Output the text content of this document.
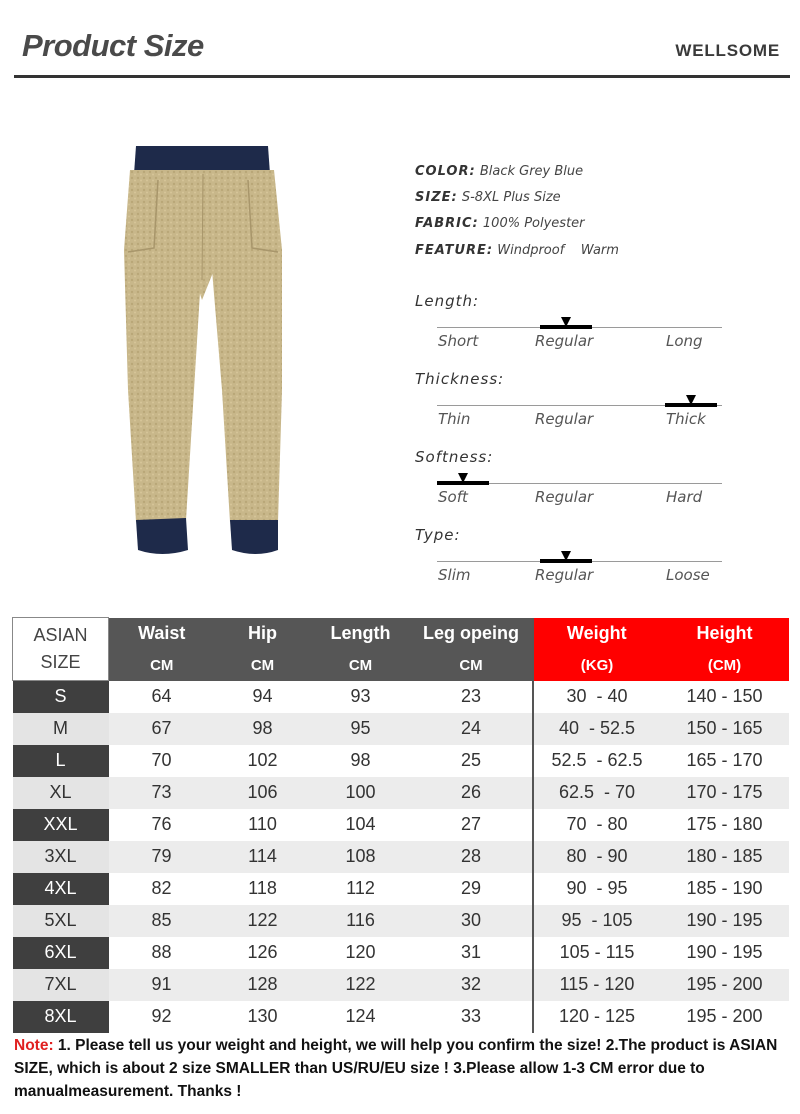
Product Size	WELLSOME
COLOR: Black Grey Blue
SIZE: S-8XL Plus Size
FABRIC: 100% Polyester
FEATURE: Windproof    Warm
Length:
Short	Regular	Long
Thickness:
Thin	Regular	Thick
Softness:
Soft	Regular	Hard
Type:
Slim	Regular	Loose
ASIAN
SIZE	Waist	Hip	Length	Leg opeing	Weight	Height
	CM	CM	CM	CM	(KG)	(CM)
S	64	94	93	23	30  - 40	140 - 150
M	67	98	95	24	40  - 52.5	150 - 165
L	70	102	98	25	52.5  - 62.5	165 - 170
XL	73	106	100	26	62.5  - 70	170 - 175
XXL	76	110	104	27	70  - 80	175 - 180
3XL	79	114	108	28	80  - 90	180 - 185
4XL	82	118	112	29	90  - 95	185 - 190
5XL	85	122	116	30	95  - 105	190 - 195
6XL	88	126	120	31	105 - 115	190 - 195
7XL	91	128	122	32	115 - 120	195 - 200
8XL	92	130	124	33	120 - 125	195 - 200
Note: 1. Please tell us your weight and height, we will help you confirm the size! 2.The product is ASIAN SIZE, which is about 2 size SMALLER than US/RU/EU size ! 3.Please allow 1-3 CM error due to manualmeasurement. Thanks !
